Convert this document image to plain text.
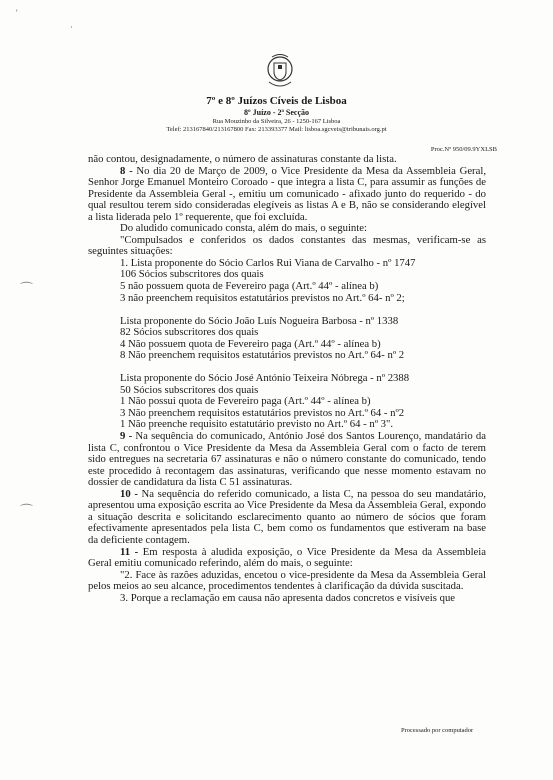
'
·
⌒
⌒
7º e 8º Juízos Cíveis de Lisboa
8º Juízo - 2ª Secção
Rua Mouzinho da Silveira, 26 - 1250-167 Lisboa
Telef: 213167840/213167800 Fax: 213393377 Mail: lisboa.sgcveis@tribunais.org.pt
Proc.Nº 950/09.9YXLSB

não contou, designadamente, o número de assinaturas constante da lista.

8 - No dia 20 de Março de 2009, o Vice Presidente da Mesa da Assembleia Geral, Senhor Jorge Emanuel Monteiro Coroado - que integra a lista C, para assumir as funções de Presidente da Assembleia Geral -, emitiu um comunicado - afixado junto do requerido - do qual resultou terem sido consideradas elegíveis as listas A e B, não se considerando elegível a lista liderada pelo 1º requerente, que foi excluída.

Do aludido comunicado consta, além do mais, o seguinte:

"Compulsados e conferidos os dados constantes das mesmas, verificam-se as seguintes situações:

1. Lista proponente do Sócio Carlos Rui Viana de Carvalho - nº 1747

106 Sócios subscritores dos quais

5 não possuem quota de Fevereiro paga (Art.º 44º - alínea b)

3 não preenchem requisitos estatutários previstos no Art.º 64- nº 2;

Lista proponente do Sócio João Luís Nogueira Barbosa - nº 1338

82 Sócios subscritores dos quais

4 Não possuem quota de Fevereiro paga (Art.º 44º - alínea b)

8 Não preenchem requisitos estatutários previstos no Art.º 64- nº 2

Lista proponente do Sócio José António Teixeira Nóbrega - nº 2388

50 Sócios subscritores dos quais

1 Não possui quota de Fevereiro paga (Art.º 44º - alínea b)

3 Não preenchem requisitos estatutários previstos no Art.º 64 - nº2

1 Não preenche requisito estatutário previsto no Art.º 64 - nº 3".

9 - Na sequência do comunicado, António José dos Santos Lourenço, mandatário da lista C, confrontou o Vice Presidente da Mesa da Assembleia Geral com o facto de terem sido entregues na secretaria 67 assinaturas e não o número constante do comunicado, tendo este procedido à recontagem das assinaturas, verificando que nesse momento estavam no dossier de candidatura da lista C 51 assinaturas.

10 - Na sequência do referido comunicado, a lista C, na pessoa do seu mandatário, apresentou uma exposição escrita ao Vice Presidente da Mesa da Assembleia Geral, expondo a situação descrita e solicitando esclarecimento quanto ao número de sócios que foram efectivamente apresentados pela lista C, bem como os fundamentos que estiveram na base da deficiente contagem.

11 - Em resposta à aludida exposição, o Vice Presidente da Mesa da Assembleia Geral emitiu comunicado referindo, além do mais, o seguinte:

"2. Face às razões aduzidas, encetou o vice-presidente da Mesa da Assembleia Geral pelos meios ao seu alcance, procedimentos tendentes à clarificação da dúvida suscitada.

3. Porque a reclamação em causa não apresenta dados concretos e visíveis que

Processado por computador
